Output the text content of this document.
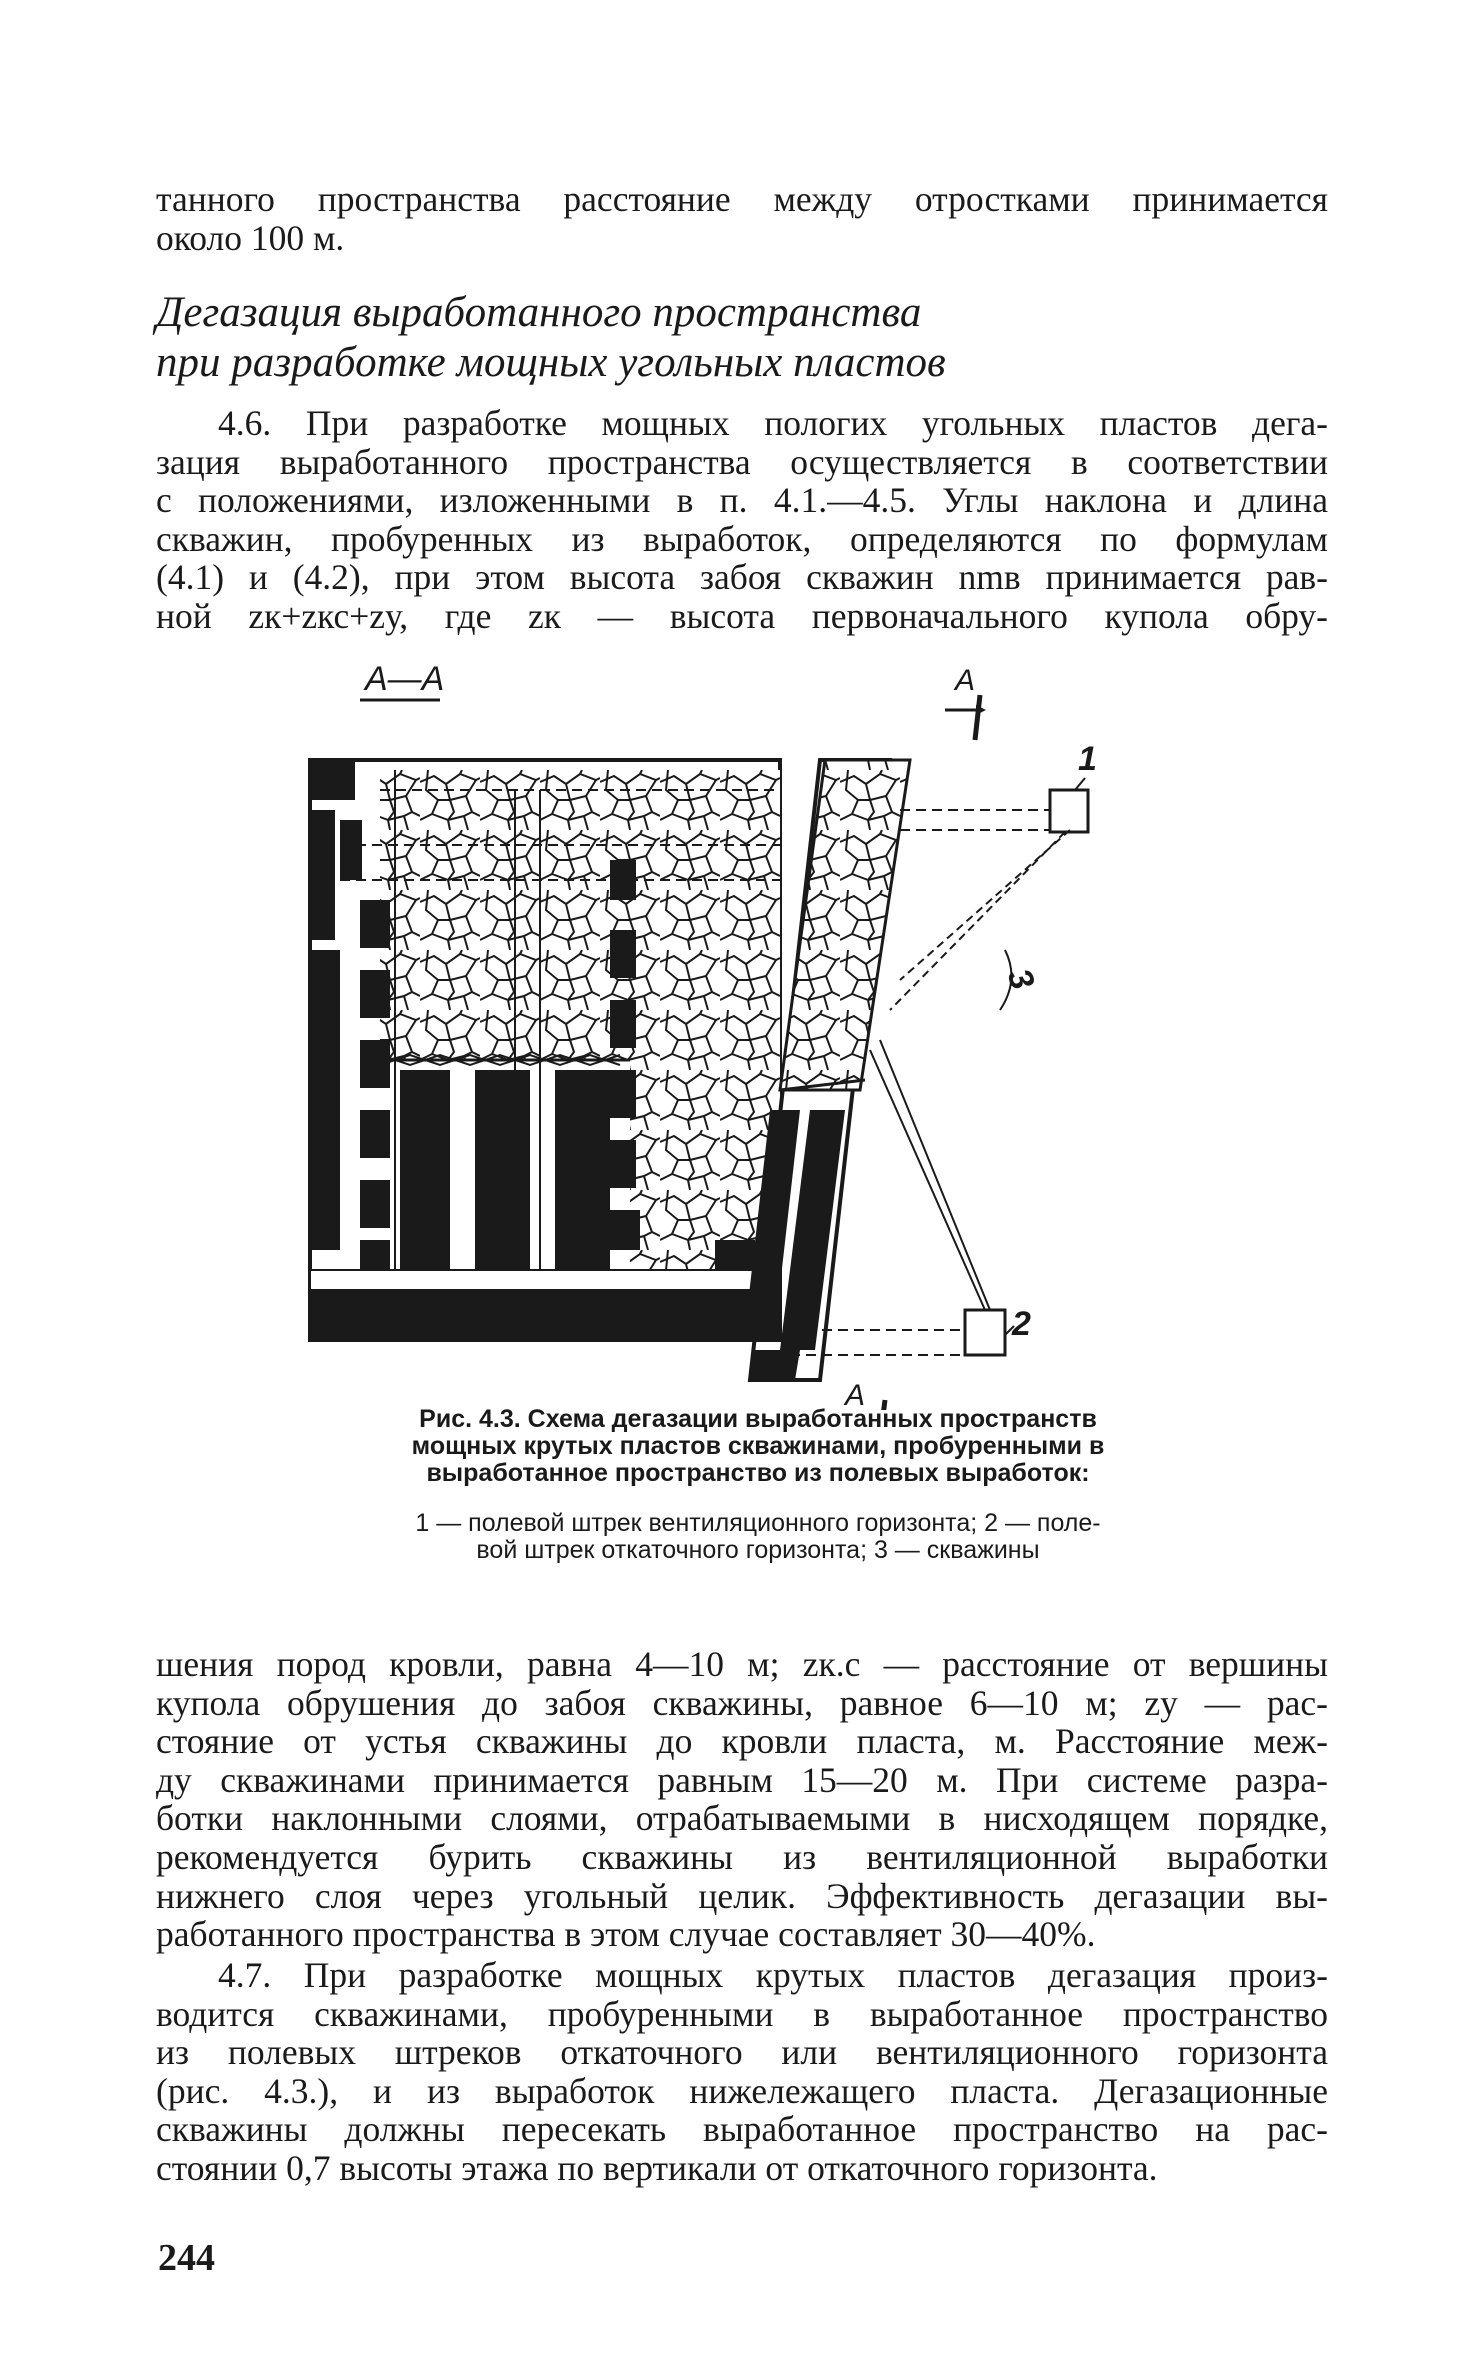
танного пространства расстояние между отростками принимается
около 100 м.
Дегазация выработанного пространства
при разработке мощных угольных пластов
4.6. При разработке мощных пологих угольных пластов дега-
зация выработанного пространства осуществляется в соответствии
с положениями, изложенными в п. 4.1.—4.5. Углы наклона и длина
скважин, пробуренных из выработок, определяются по формулам
(4.1) и (4.2), при этом высота забоя скважин nmв принимается рав-
ной zк+zкс+zу, где zк — высота первоначального купола обру-
А—А
1
3
2
А
А
Рис. 4.3. Схема дегазации выработанных пространств
мощных крутых пластов скважинами, пробуренными в
выработанное пространство из полевых выработок:
1 — полевой штрек вентиляционного горизонта; 2 — поле-
вой штрек откаточного горизонта; 3 — скважины
шения пород кровли, равна 4—10 м; zк.с — расстояние от вершины
купола обрушения до забоя скважины, равное 6—10 м; zу — рас-
стояние от устья скважины до кровли пласта, м. Расстояние меж-
ду скважинами принимается равным 15—20 м. При системе разра-
ботки наклонными слоями, отрабатываемыми в нисходящем порядке,
рекомендуется бурить скважины из вентиляционной выработки
нижнего слоя через угольный целик. Эффективность дегазации вы-
работанного пространства в этом случае составляет 30—40%.
4.7. При разработке мощных крутых пластов дегазация произ-
водится скважинами, пробуренными в выработанное пространство
из полевых штреков откаточного или вентиляционного горизонта
(рис. 4.3.), и из выработок нижележащего пласта. Дегазационные
скважины должны пересекать выработанное пространство на рас-
стоянии 0,7 высоты этажа по вертикали от откаточного горизонта.
244
